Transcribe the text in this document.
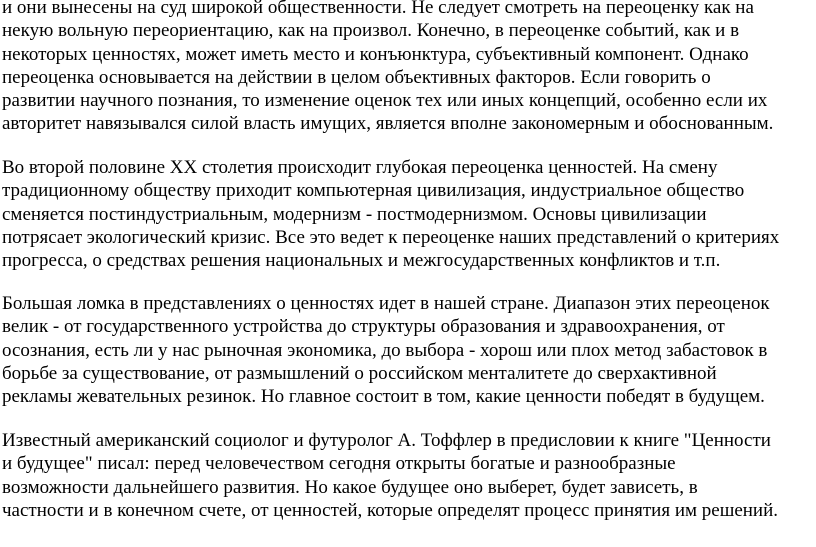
и они вынесены на суд широкой общественности. Не следует смотреть на переоценку как на
некую вольную переориентацию, как на произвол. Конечно, в переоценке событий, как и в
некоторых ценностях, может иметь место и конъюнктура, субъективный компонент. Однако
переоценка основывается на действии в целом объективных факторов. Если говорить о
развитии научного познания, то изменение оценок тех или иных концепций, особенно если их
авторитет навязывался силой власть имущих, является вполне закономерным и обоснованным.

Во второй половине XX столетия происходит глубокая переоценка ценностей. На смену
традиционному обществу приходит компьютерная цивилизация, индустриальное общество
сменяется постиндустриальным, модернизм - постмодернизмом. Основы цивилизации
потрясает экологический кризис. Все это ведет к переоценке наших представлений о критериях
прогресса, о средствах решения национальных и межгосударственных конфликтов и т.п.

Большая ломка в представлениях о ценностях идет в нашей стране. Диапазон этих переоценок
велик - от государственного устройства до структуры образования и здравоохранения, от
осознания, есть ли у нас рыночная экономика, до выбора - хорош или плох метод забастовок в
борьбе за существование, от размышлений о российском менталитете до сверхактивной
рекламы жевательных резинок. Но главное состоит в том, какие ценности победят в будущем.

Известный американский социолог и футуролог А. Тоффлер в предисловии к книге "Ценности
и будущее" писал: перед человечеством сегодня открыты богатые и разнообразные
возможности дальнейшего развития. Но какое будущее оно выберет, будет зависеть, в
частности и в конечном счете, от ценностей, которые определят процесс принятия им решений.
